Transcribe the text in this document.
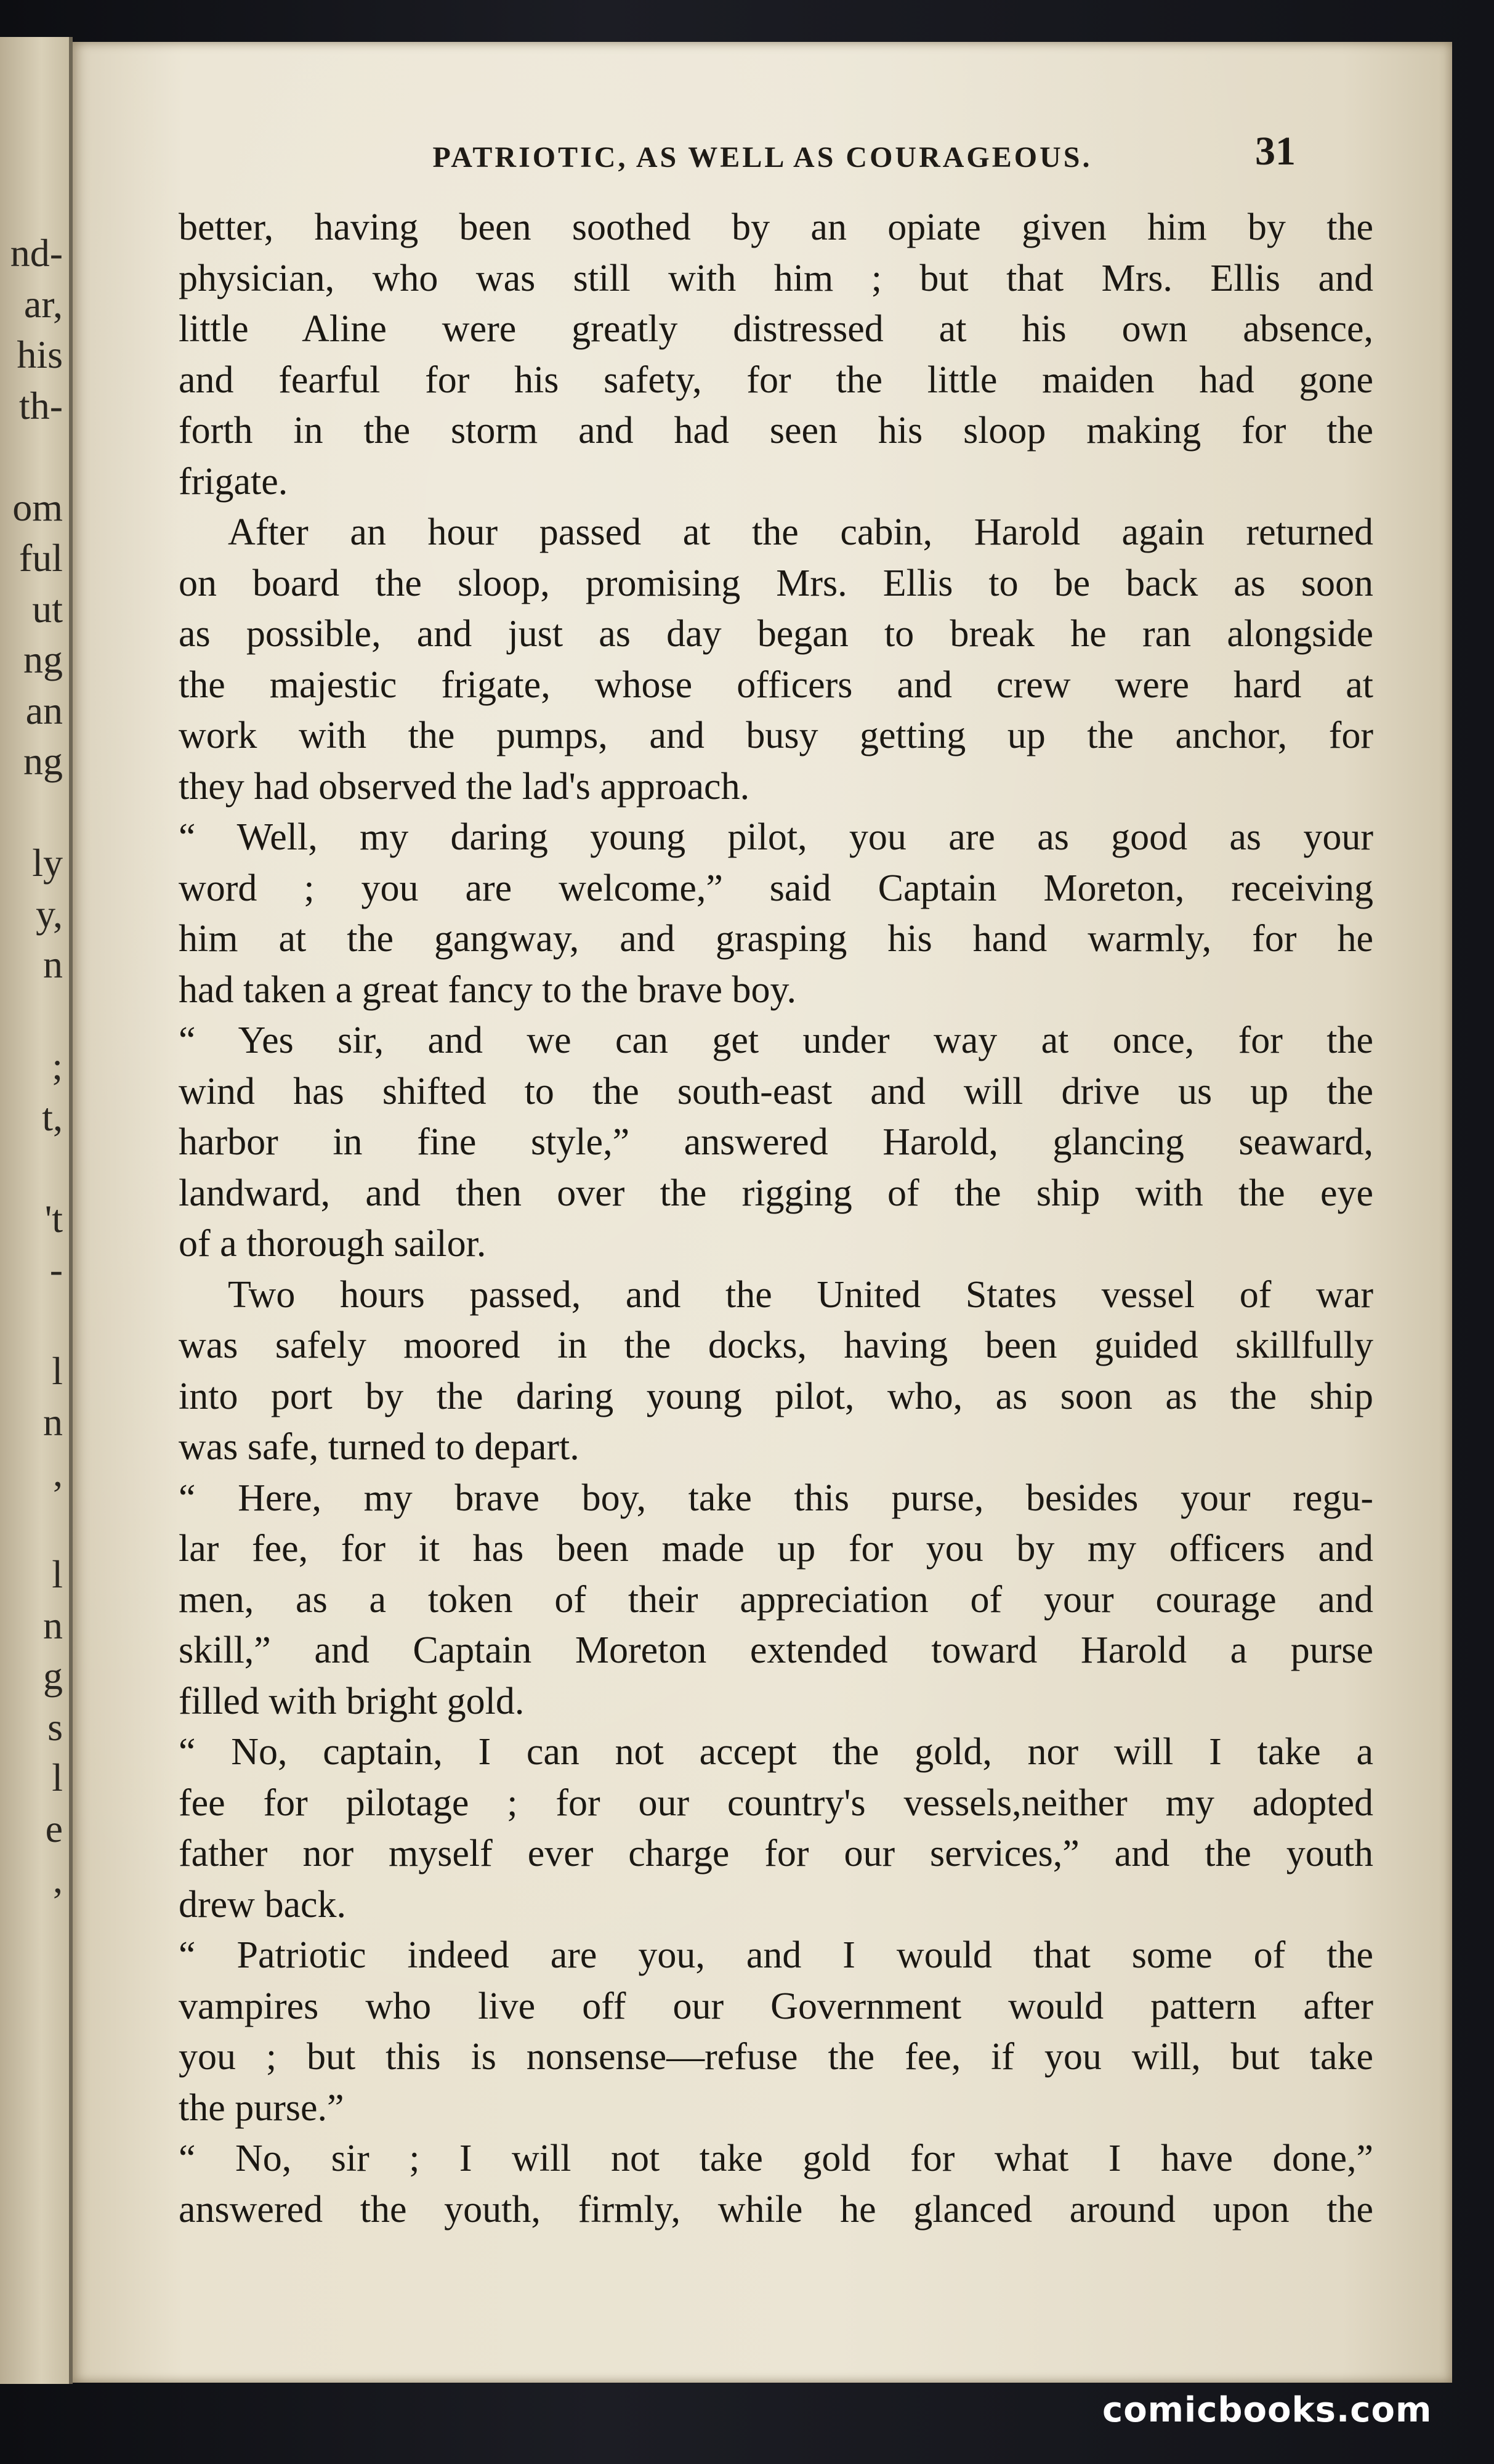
nd-
ar,
his
th-
om
ful
ut
ng
an
ng
ly
y,
n
;
t,
't
‐
l
n
,
l
n
g
s
l
e
,
PATRIOTIC, AS WELL AS COURAGEOUS.	31
better, having been soothed by an opiate given him by the
physician, who was still with him ; but that Mrs. Ellis and
little Aline were greatly distressed at his own absence,
and fearful for his safety, for the little maiden had gone
forth in the storm and had seen his sloop making for the
frigate.
After an hour passed at the cabin, Harold again returned
on board the sloop, promising Mrs. Ellis to be back as soon
as possible, and just as day began to break he ran alongside
the majestic frigate, whose officers and crew were hard at
work with the pumps, and busy getting up the anchor, for
they had observed the lad's approach.
“ Well, my daring young pilot, you are as good as your
word ; you are welcome,” said Captain Moreton, receiving
him at the gangway, and grasping his hand warmly, for he
had taken a great fancy to the brave boy.
“ Yes sir, and we can get under way at once, for the
wind has shifted to the south-east and will drive us up the
harbor in fine style,” answered Harold, glancing seaward,
landward, and then over the rigging of the ship with the eye
of a thorough sailor.
Two hours passed, and the United States vessel of war
was safely moored in the docks, having been guided skillfully
into port by the daring young pilot, who, as soon as the ship
was safe, turned to depart.
“ Here, my brave boy, take this purse, besides your regu-
lar fee, for it has been made up for you by my officers and
men, as a token of their appreciation of your courage and
skill,” and Captain Moreton extended toward Harold a purse
filled with bright gold.
“ No, captain, I can not accept the gold, nor will I take a
fee for pilotage ; for our country's vessels,neither my adopted
father nor myself ever charge for our services,” and the youth
drew back.
“ Patriotic indeed are you, and I would that some of the
vampires who live off our Government would pattern after
you ; but this is nonsense—refuse the fee, if you will, but take
the purse.”
“ No, sir ; I will not take gold for what I have done,”
answered the youth, firmly, while he glanced around upon the
comicbooks.com
